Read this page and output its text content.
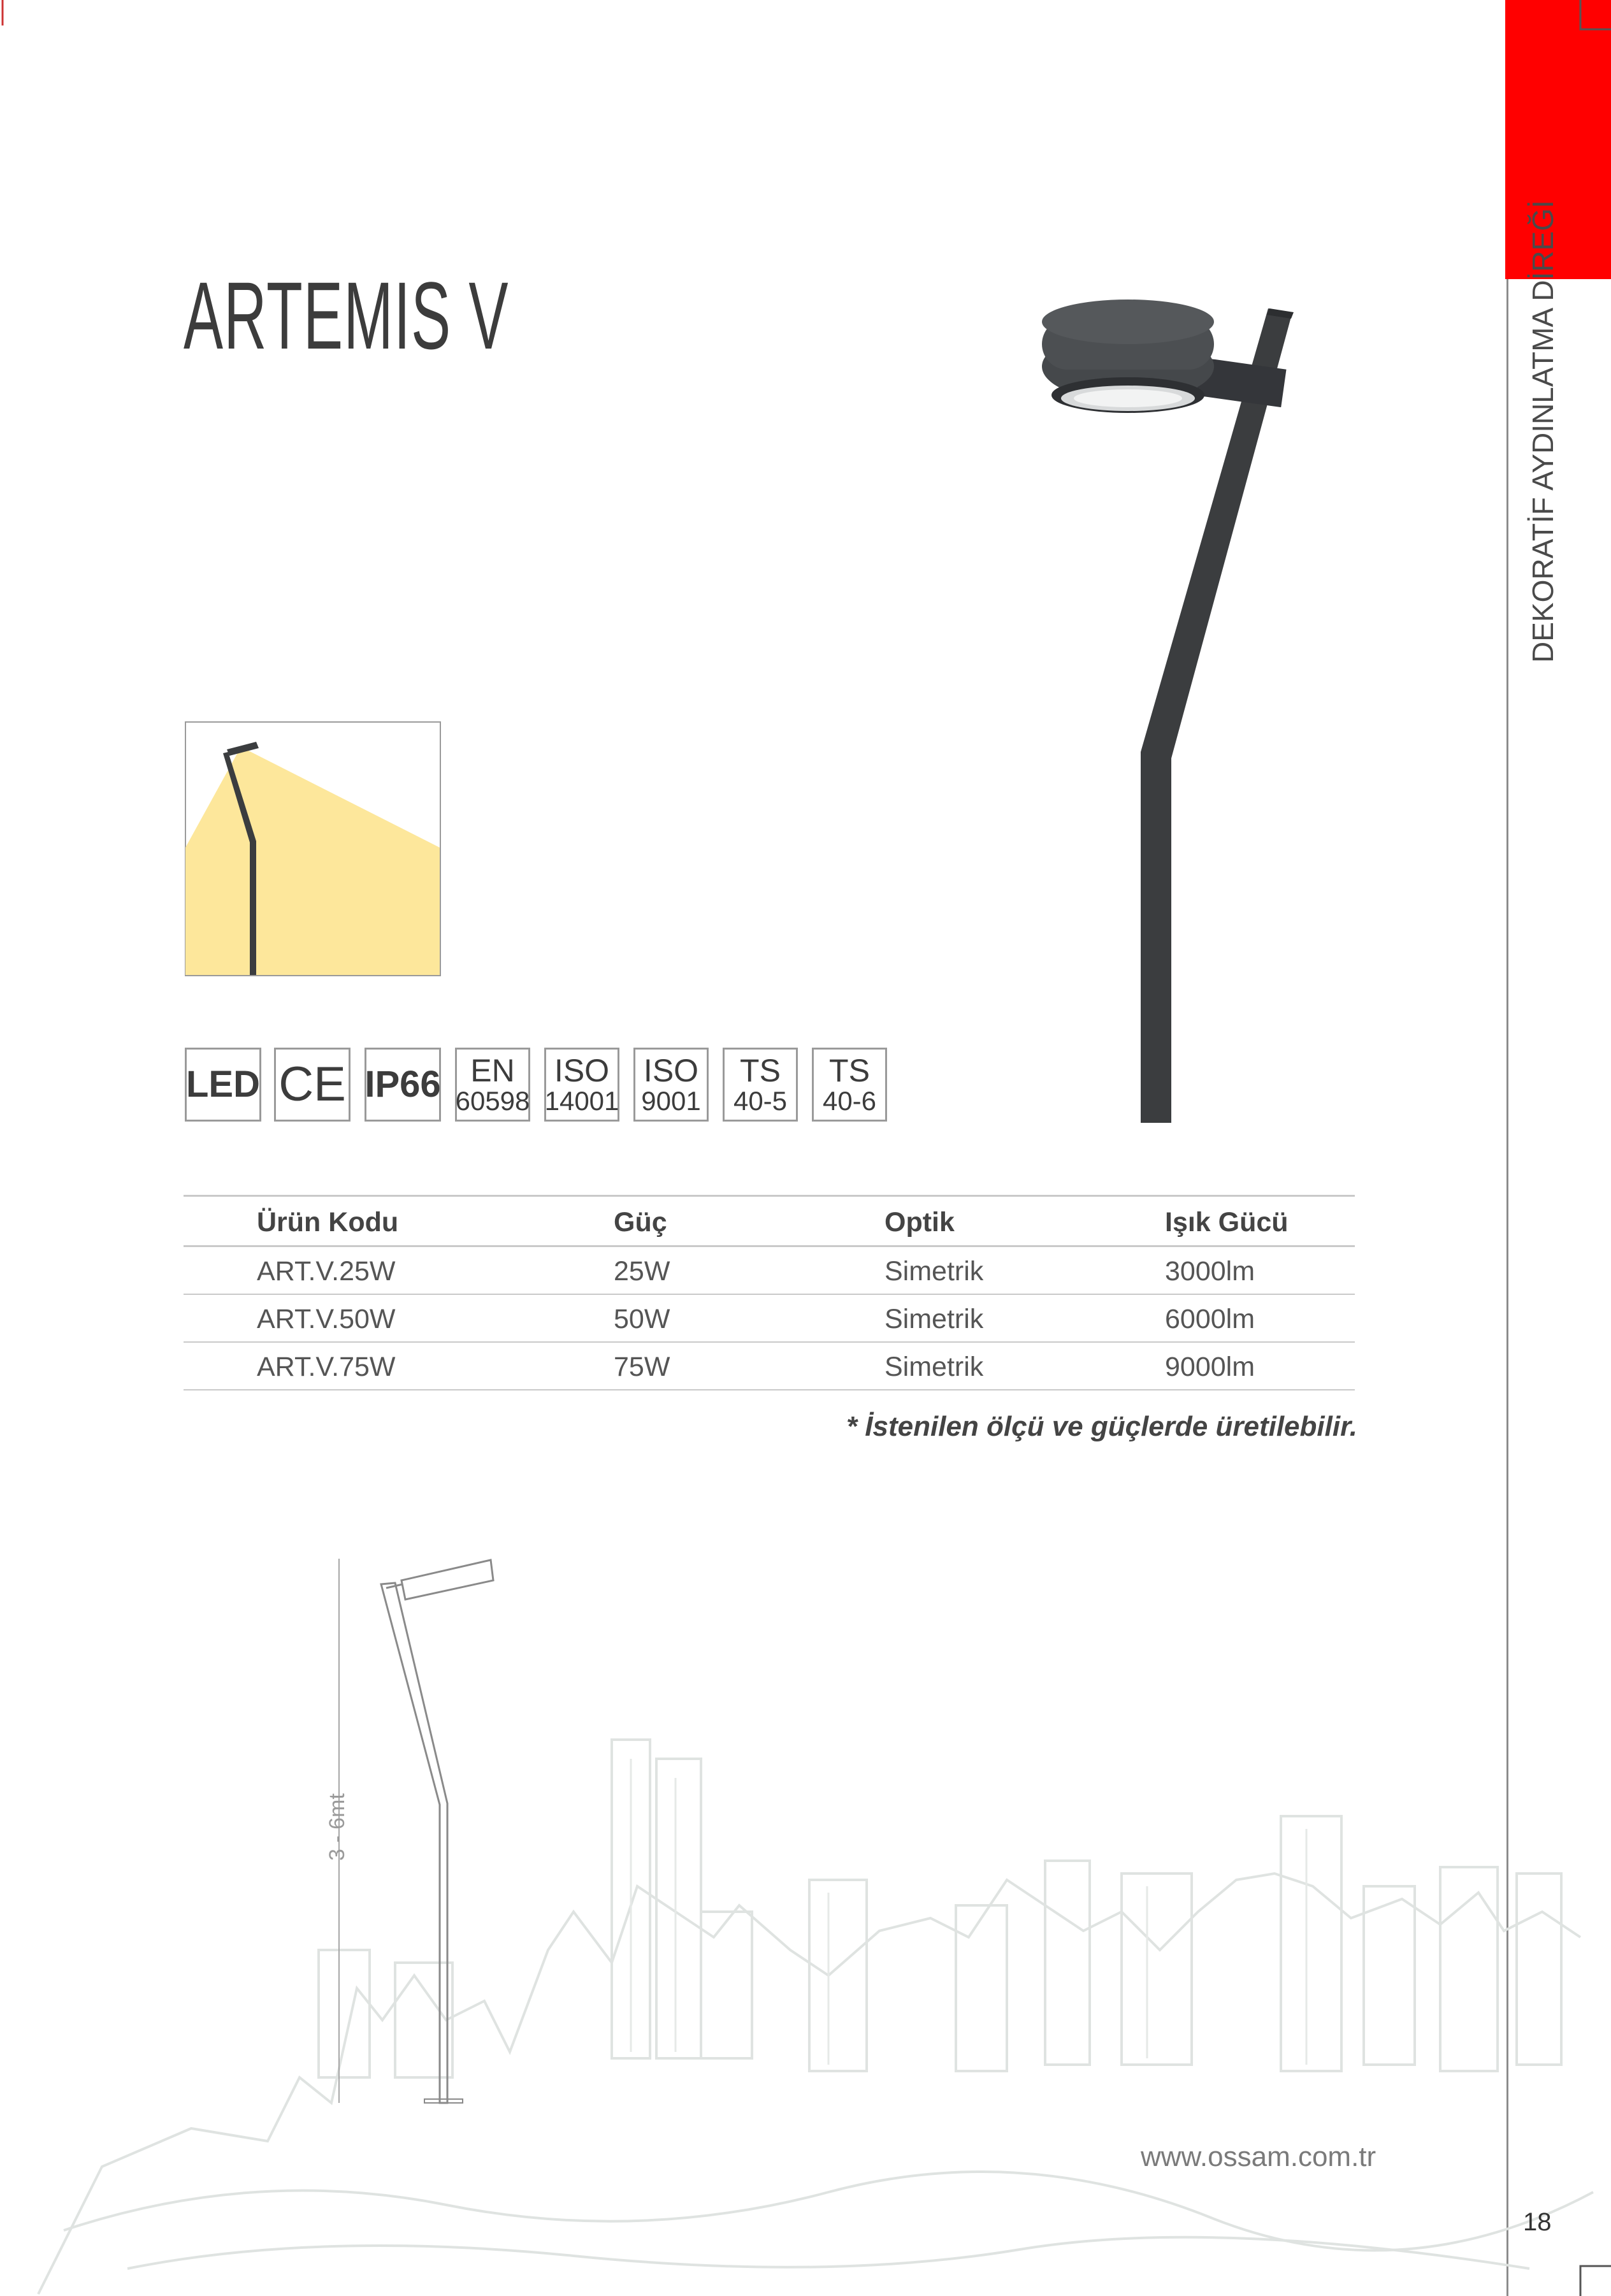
DEKORATİF AYDINLATMA DİREĞİ
ARTEMIS V
LED CE IP66 EN
60598
ISO
14001
ISO
9001
TS
40-5
TS
40-6
Ürün Kodu	Güç	Optik	Işık Gücü
ART.V.25W	25W	Simetrik	3000lm
ART.V.50W	50W	Simetrik	6000lm
ART.V.75W	75W	Simetrik	9000lm
* İstenilen ölçü ve güçlerde üretilebilir.
3 - 6mt
www.ossam.com.tr
18
